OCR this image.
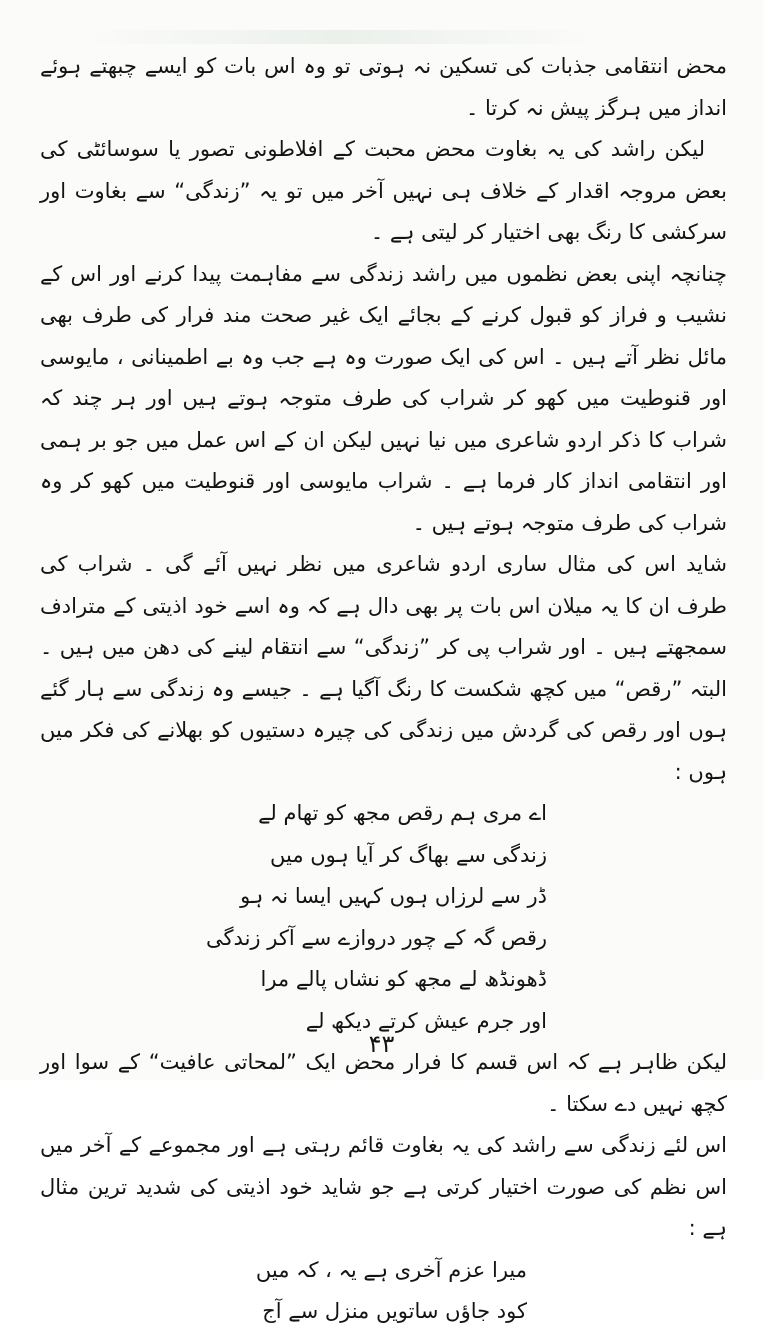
محض انتقامی جذبات کی تسکین نہ ہوتی تو وہ اس بات کو ایسے چبھتے ہوئے انداز میں ہرگز پیش نہ کرتا ۔

لیکن راشد کی یہ بغاوت محض محبت کے افلاطونی تصور یا سوسائٹی کی بعض مروجہ اقدار کے خلاف ہی نہیں آخر میں تو یہ ”زندگی“ سے بغاوت اور سرکشی کا رنگ بھی اختیار کر لیتی ہے ۔

چنانچہ اپنی بعض نظموں میں راشد زندگی سے مفاہمت پیدا کرنے اور اس کے نشیب و فراز کو قبول کرنے کے بجائے ایک غیر صحت مند فرار کی طرف بھی مائل نظر آتے ہیں ۔ اس کی ایک صورت وہ ہے جب وہ بے اطمینانی ، مایوسی اور قنوطیت میں کھو کر شراب کی طرف متوجہ ہوتے ہیں اور ہر چند کہ شراب کا ذکر اردو شاعری میں نیا نہیں لیکن ان کے اس عمل میں جو بر ہمی اور انتقامی انداز کار فرما ہے ۔ شراب مایوسی اور قنوطیت میں کھو کر وہ شراب کی طرف متوجہ ہوتے ہیں ۔

شاید اس کی مثال ساری اردو شاعری میں نظر نہیں آئے گی ۔ شراب کی طرف ان کا یہ میلان اس بات پر بھی دال ہے کہ وہ اسے خود اذیتی کے مترادف سمجھتے ہیں ۔ اور شراب پی کر ”زندگی“ سے انتقام لینے کی دھن میں ہیں ۔ البتہ ”رقص“ میں کچھ شکست کا رنگ آگیا ہے ۔ جیسے وہ زندگی سے ہار گئے ہوں اور رقص کی گردش میں زندگی کی چیرہ دستیوں کو بھلانے کی فکر میں ہوں :

اے مری ہم رقص مجھ کو تھام لے
زندگی سے بھاگ کر آیا ہوں میں
ڈر سے لرزاں ہوں کہیں ایسا نہ ہو
رقص گہ کے چور دروازے سے آکر زندگی
ڈھونڈھ لے مجھ کو نشاں پالے مرا
اور جرم عیش کرتے دیکھ لے

لیکن ظاہر ہے کہ اس قسم کا فرار محض ایک ”لمحاتی عافیت“ کے سوا اور کچھ نہیں دے سکتا ۔

اس لئے زندگی سے راشد کی یہ بغاوت قائم رہتی ہے اور مجموعے کے آخر میں اس نظم کی صورت اختیار کرتی ہے جو شاید خود اذیتی کی شدید ترین مثال ہے :

میرا عزم آخری ہے یہ ، کہ میں
کود جاؤں ساتویں منزل سے آج
۴۳
